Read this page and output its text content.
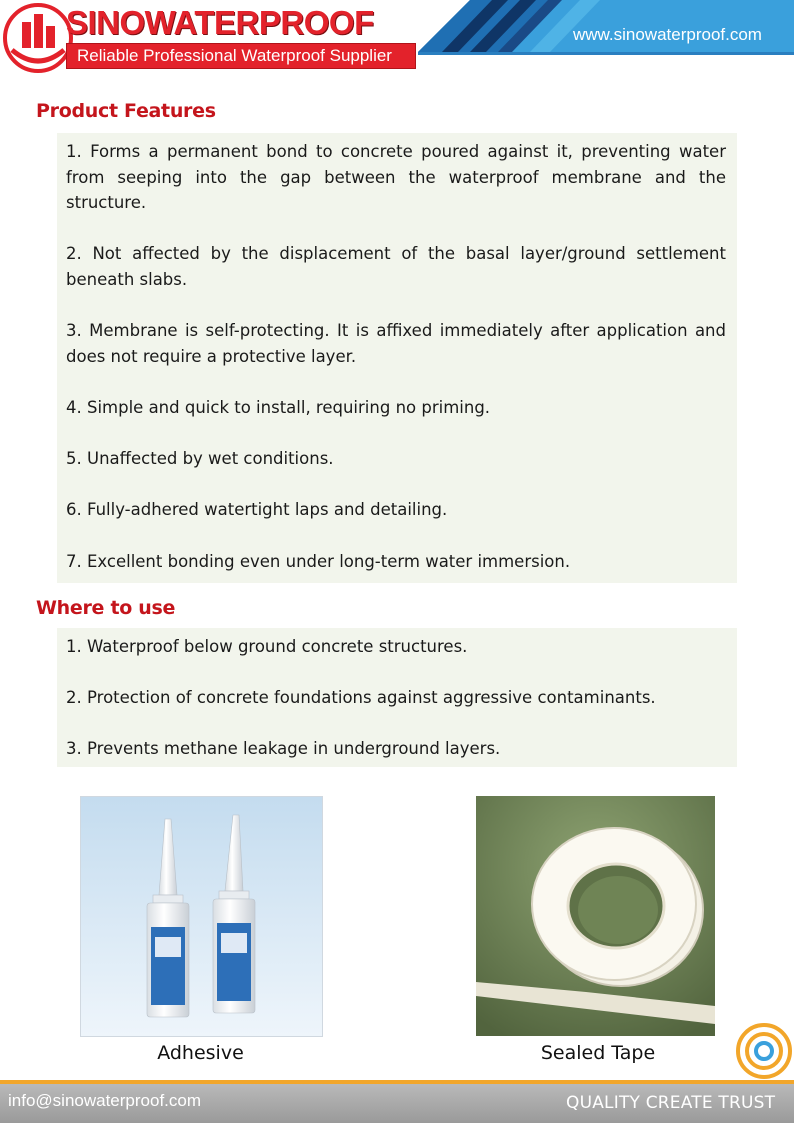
SINOWATERPROOF
Reliable Professional Waterproof Supplier
www.sinowaterproof.com
Product Features
1. Forms a permanent bond to concrete poured against it, preventing water from seeping into the gap between the waterproof membrane and the structure.
2. Not affected by the displacement of the basal layer/ground settlement beneath slabs.
3. Membrane is self-protecting. It is affixed immediately after application and does not require a protective layer.
4. Simple and quick to install, requiring no priming.
5. Unaffected by wet conditions.
6. Fully-adhered watertight laps and detailing.
7. Excellent bonding even under long-term water immersion.
Where to use
1. Waterproof below ground concrete structures.
2. Protection of concrete foundations against aggressive contaminants.
3. Prevents methane leakage in underground layers.
Adhesive	Sealed Tape
info@sinowaterproof.com	QUALITY CREATE TRUST
